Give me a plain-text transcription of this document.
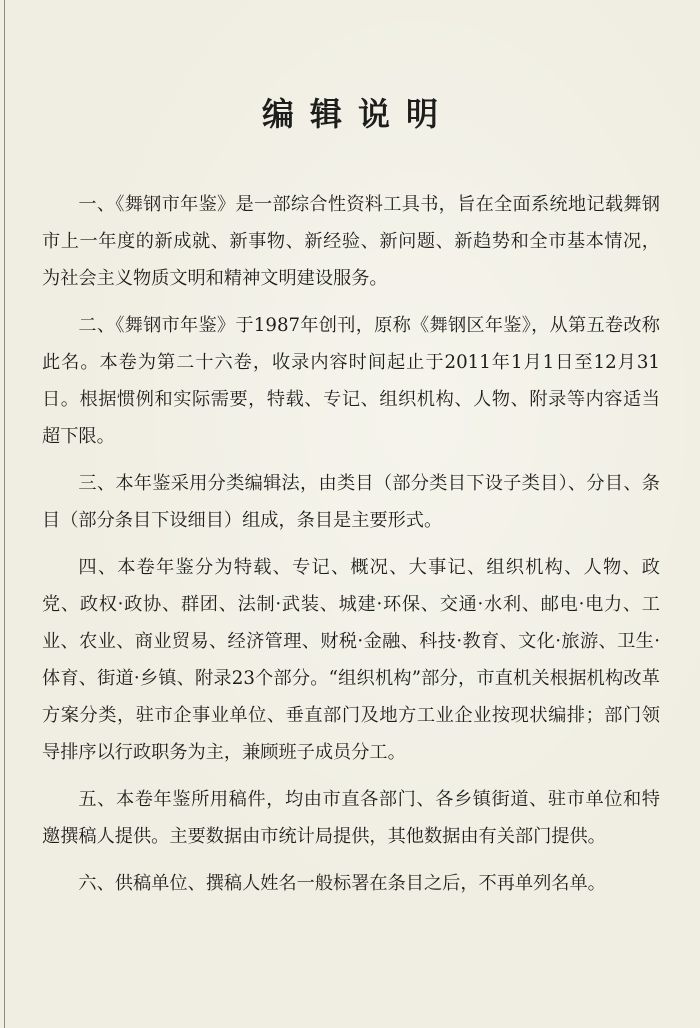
编辑说明

一、《舞钢市年鉴》是一部综合性资料工具书，旨在全面系统地记载舞钢市上一年度的新成就、新事物、新经验、新问题、新趋势和全市基本情况，为社会主义物质文明和精神文明建设服务。

二、《舞钢市年鉴》于1987年创刊，原称《舞钢区年鉴》，从第五卷改称此名。本卷为第二十六卷，收录内容时间起止于2011年1月1日至12月31日。根据惯例和实际需要，特载、专记、组织机构、人物、附录等内容适当超下限。

三、本年鉴采用分类编辑法，由类目（部分类目下设子类目）、分目、条目（部分条目下设细目）组成，条目是主要形式。

四、本卷年鉴分为特载、专记、概况、大事记、组织机构、人物、政党、政权·政协、群团、法制·武装、城建·环保、交通·水利、邮电·电力、工业、农业、商业贸易、经济管理、财税·金融、科技·教育、文化·旅游、卫生·体育、街道·乡镇、附录23个部分。“组织机构”部分，市直机关根据机构改革方案分类，驻市企事业单位、垂直部门及地方工业企业按现状编排；部门领导排序以行政职务为主，兼顾班子成员分工。

五、本卷年鉴所用稿件，均由市直各部门、各乡镇街道、驻市单位和特邀撰稿人提供。主要数据由市统计局提供，其他数据由有关部门提供。

六、供稿单位、撰稿人姓名一般标署在条目之后，不再单列名单。
